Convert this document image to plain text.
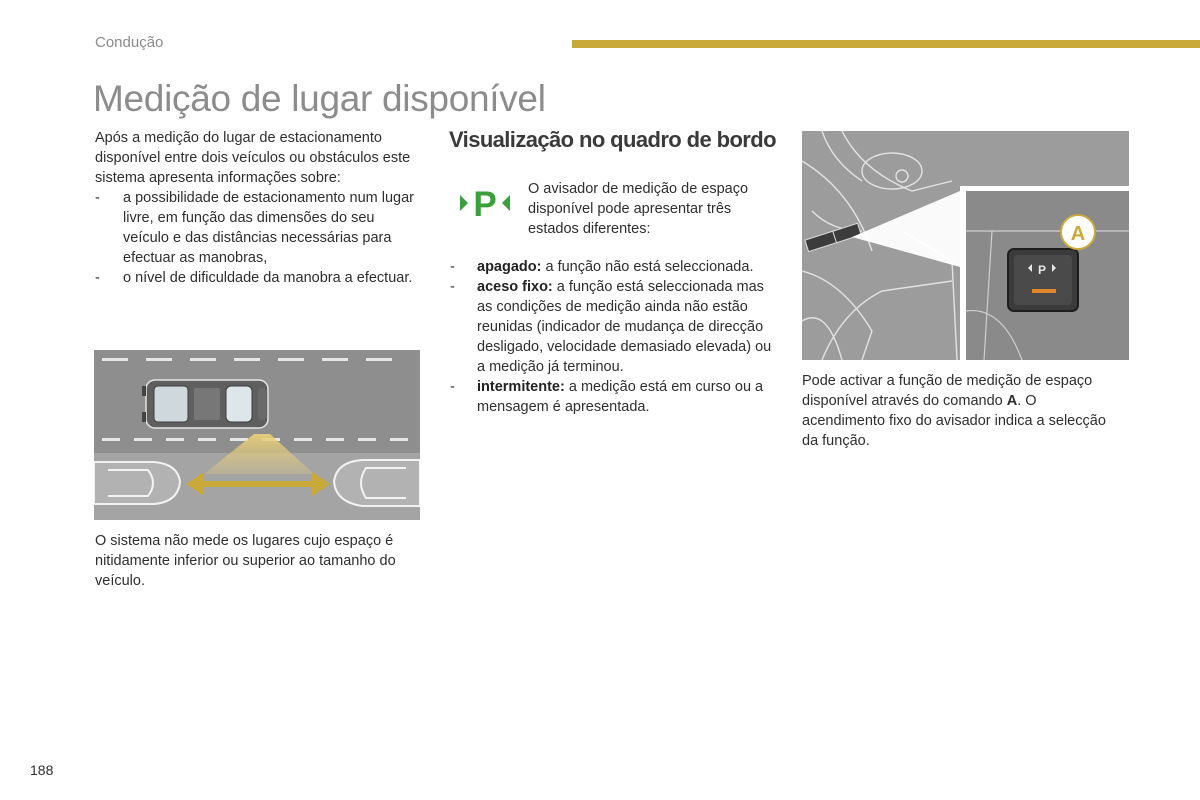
Condução
Medição de lugar disponível

Após a medição do lugar de estacionamento disponível entre dois veículos ou obstáculos este sistema apresenta informações sobre:

- a possibilidade de estacionamento num lugar livre, em função das dimensões do seu veículo e das distâncias necessárias para efectuar as manobras,
- o nível de dificuldade da manobra a efectuar.

O sistema não mede os lugares cujo espaço é nitidamente inferior ou superior ao tamanho do veículo.

Visualização no quadro de bordo
P O avisador de medição de espaço disponível pode apresentar três estados diferentes:

- apagado: a função não está seleccionada.
- aceso fixo: a função está seleccionada mas as condições de medição ainda não estão reunidas (indicador de mudança de direcção desligado, velocidade demasiado elevada) ou a medição já terminou.
- intermitente: a medição está em curso ou a mensagem é apresentada.
P
A

Pode activar a função de medição de espaço disponível através do comando A. O acendimento fixo do avisador indica a selecção da função.

188
